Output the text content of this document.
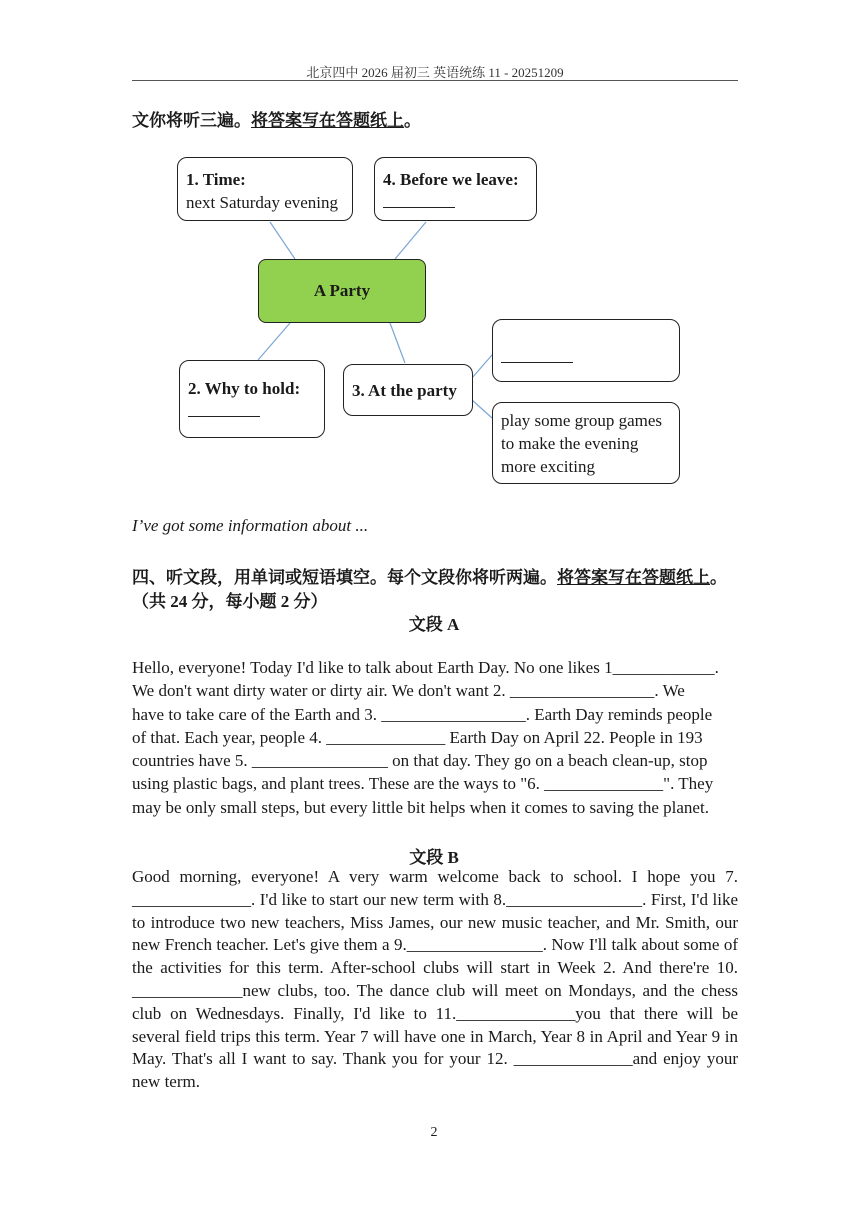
北京四中 2026 届初三 英语统练 11 - 20251209
文你将听三遍。将答案写在答题纸上。
1. Time:
next Saturday evening
4. Before we leave:
A Party
2. Why to hold:	3. At the party
play some group games
to make the evening
more exciting
I’ve got some information about ...
四、听文段，用单词或短语填空。每个文段你将听两遍。将答案写在答题纸上。
（共 24 分，每小题 2 分）
文段 A
Hello, everyone! Today I'd like to talk about Earth Day. No one likes 1____________.
We don't want dirty water or dirty air. We don't want 2. _________________. We
have to take care of the Earth and 3. _________________. Earth Day reminds people
of that. Each year, people 4. ______________ Earth Day on April 22. People in 193
countries have 5. ________________ on that day. They go on a beach clean-up, stop
using plastic bags, and plant trees. These are the ways to "6. ______________". They
may be only small steps, but every little bit helps when it comes to saving the planet.
文段 B
Good morning, everyone! A very warm welcome back to school. I hope you 7. ______________. I'd like to start our new term with 8.________________. First, I'd like to introduce two new teachers, Miss James, our new music teacher, and Mr. Smith, our new French teacher. Let's give them a 9.________________. Now I'll talk about some of the activities for this term. After-school clubs will start in Week 2. And there're 10. _____________new clubs, too. The dance club will meet on Mondays, and the chess club on Wednesdays. Finally, I'd like to 11.______________you that there will be several field trips this term. Year 7 will have one in March, Year 8 in April and Year 9 in May. That's all I want to say. Thank you for your 12. ______________and enjoy your new term.
2
